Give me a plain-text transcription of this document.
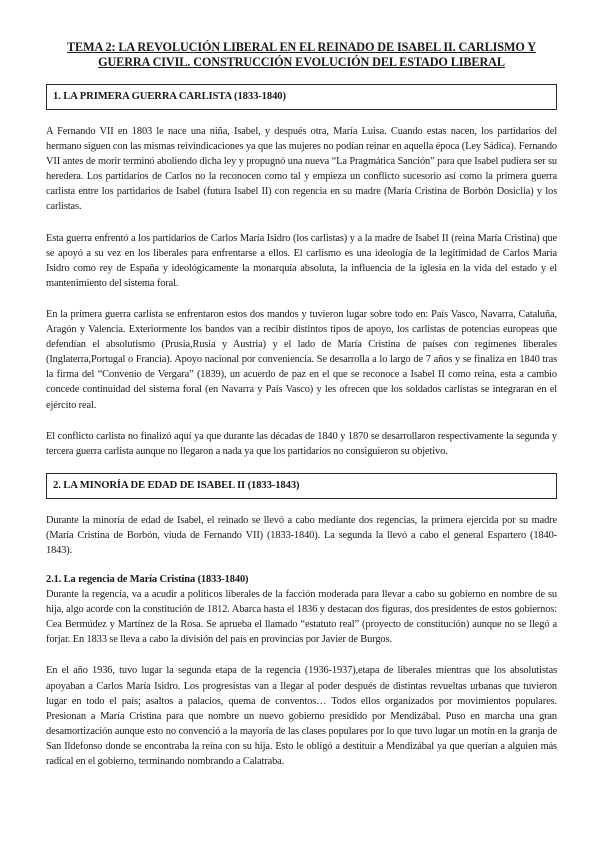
TEMA 2: LA REVOLUCIÓN LIBERAL EN EL REINADO DE ISABEL II. CARLISMO Y GUERRA CIVIL. CONSTRUCCIÓN EVOLUCIÓN DEL ESTADO LIBERAL
1. LA PRIMERA GUERRA CARLISTA (1833-1840)

A Fernando VII en 1803 le nace una niña, Isabel, y después otra, María Luisa. Cuando estas nacen, los partidarios del hermano siguen con las mismas reivindicaciones ya que las mujeres no podían reinar en aquella época (Ley Sádica). Fernando VII antes de morir terminó aboliendo dicha ley y propugnó una nueva “La Pragmática Sanción” para que Isabel pudiera ser su heredera. Los partidarios de Carlos no la reconocen como tal y empieza un conflicto sucesorio así como la primera guerra carlista entre los partidarios de Isabel (futura Isabel II) con regencia en su madre (María Cristina de Borbón Dosiclia) y los carlistas.

Esta guerra enfrentó a los partidarios de Carlos María Isidro (los carlistas) y a la madre de Isabel II (reina María Cristina) que se apoyó a su vez en los liberales para enfrentarse a ellos. El carlismo es una ideología de la legitimidad de Carlos María Isidro como rey de España y ideológicamente la monarquía absoluta, la influencia de la iglesia en la vida del estado y el mantenimiento del sistema foral.

En la primera guerra carlista se enfrentaron estos dos mandos y tuvieron lugar sobre todo en: País Vasco, Navarra, Cataluña, Aragón y Valencia. Exteriormente los bandos van a recibir distintos tipos de apoyo, los carlistas de potencias europeas que defendían el absolutismo (Prusia,Rusia y Austria) y el lado de María Cristina de países con regímenes liberales (Inglaterra,Portugal o Francia). Apoyo nacional por conveniencia. Se desarrolla a lo largo de 7 años y se finaliza en 1840 tras la firma del “Convenio de Vergara” (1839), un acuerdo de paz en el que se reconoce a Isabel II como reina, esta a cambio concede continuidad del sistema foral (en Navarra y País Vasco) y les ofrecen que los soldados carlistas se integraran en el ejército real.

El conflicto carlista no finalizó aquí ya que durante las décadas de 1840 y 1870 se desarrollaron respectivamente la segunda y tercera guerra carlista aunque no llegaron a nada ya que los partidarios no consiguieron su objetivo.

2. LA MINORÍA DE EDAD DE ISABEL II (1833-1843)

Durante la minoría de edad de Isabel, el reinado se llevó a cabo mediante dos regencias, la primera ejercida por su madre (María Cristina de Borbón, viuda de Fernando VII) (1833-1840). La segunda la llevó a cabo el general Espartero (1840-1843).

2.1. La regencia de María Cristina (1833-1840)

Durante la regencia, va a acudir a políticos liberales de la facción moderada para llevar a cabo su gobierno en nombre de su hija, algo acorde con la constitución de 1812. Abarca hasta el 1836 y destacan dos figuras, dos presidentes de estos gobiernos: Cea Bermúdez y Martínez de la Rosa. Se aprueba el llamado “estatuto real” (proyecto de constitución) aunque no se llegó a forjar. En 1833 se lleva a cabo la división del país en provincias por Javier de Burgos.

En el año 1936, tuvo lugar la segunda etapa de la regencia (1936-1937),etapa de liberales mientras que los absolutistas apoyaban a Carlos María Isidro. Los progresistas van a llegar al poder después de distintas revueltas urbanas que tuvieron lugar en todo el país; asaltos a palacios, quema de conventos… Todos ellos organizados por movimientos populares. Presionan a María Cristina para que nombre un nuevo gobierno presidido por Mendizábal. Puso en marcha una gran desamortización aunque esto no convenció a la mayoría de las clases populares por lo que tuvo lugar un motín en la granja de San Ildefonso donde se encontraba la reina con su hija. Esto le obligó a destituir a Mendizábal ya que querían a alguien más radical en el gobierno, terminando nombrando a Calatraba.
